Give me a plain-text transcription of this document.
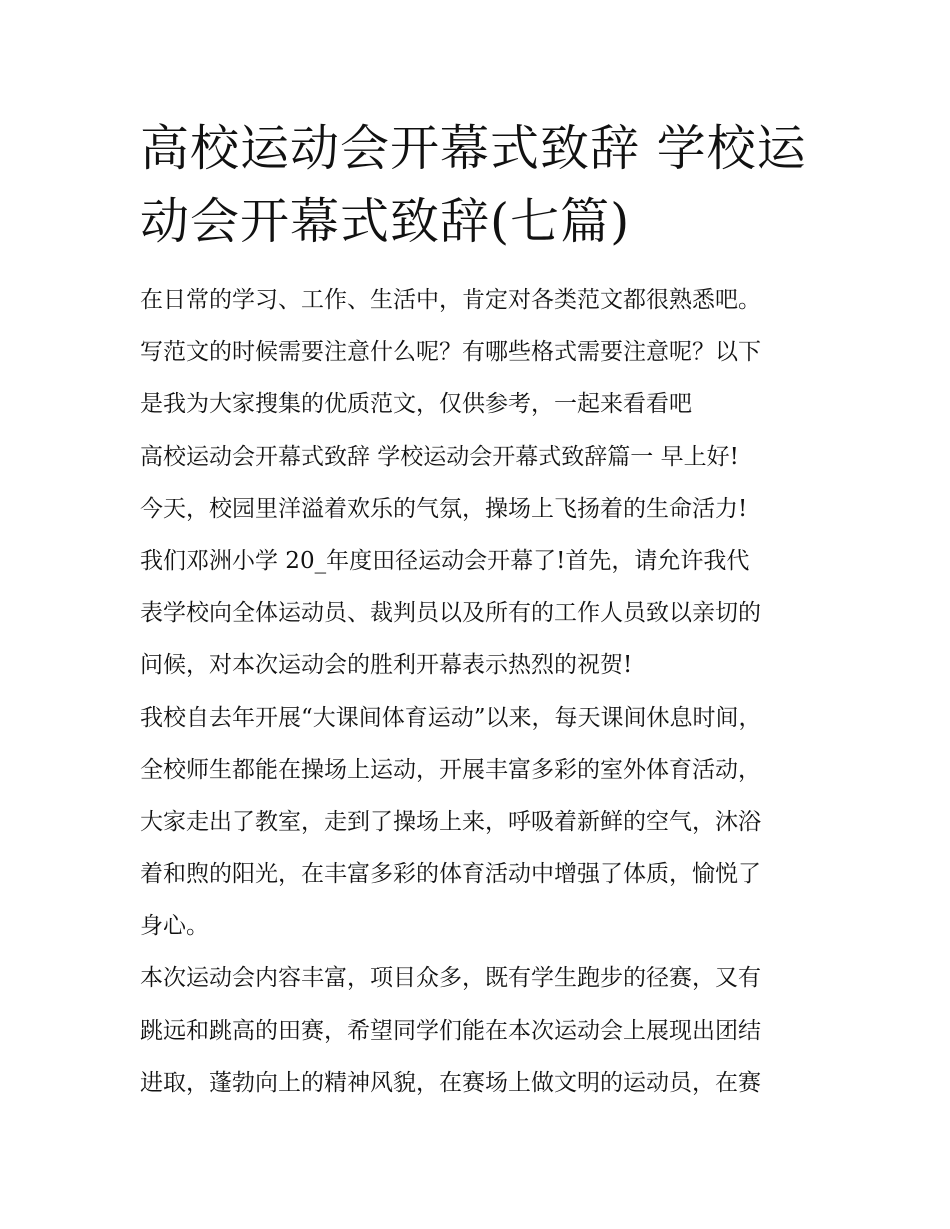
高校运动会开幕式致辞 学校运
动会开幕式致辞(七篇)
在日常的学习、工作、生活中，肯定对各类范文都很熟悉吧。
写范文的时候需要注意什么呢？有哪些格式需要注意呢？以下
是我为大家搜集的优质范文，仅供参考，一起来看看吧
高校运动会开幕式致辞 学校运动会开幕式致辞篇一 早上好!
今天，校园里洋溢着欢乐的气氛，操场上飞扬着的生命活力!
我们邓洲小学 20_年度田径运动会开幕了!首先，请允许我代
表学校向全体运动员、裁判员以及所有的工作人员致以亲切的
问候，对本次运动会的胜利开幕表示热烈的祝贺!
我校自去年开展“大课间体育运动”以来，每天课间休息时间，
全校师生都能在操场上运动，开展丰富多彩的室外体育活动，
大家走出了教室，走到了操场上来，呼吸着新鲜的空气，沐浴
着和煦的阳光，在丰富多彩的体育活动中增强了体质，愉悦了
身心。
本次运动会内容丰富，项目众多，既有学生跑步的径赛，又有
跳远和跳高的田赛，希望同学们能在本次运动会上展现出团结
进取，蓬勃向上的精神风貌，在赛场上做文明的运动员，在赛
